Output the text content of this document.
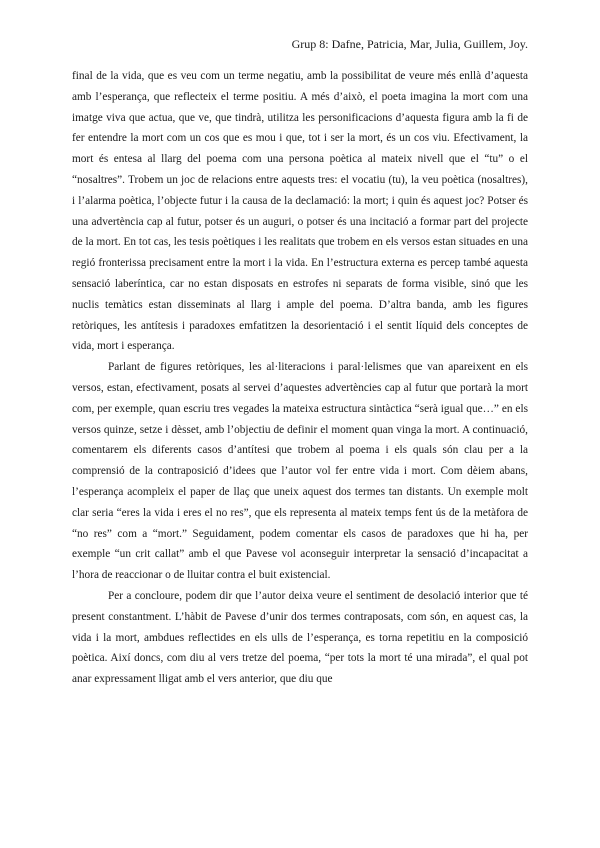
Grup 8: Dafne, Patricia, Mar, Julia, Guillem, Joy.

final de la vida, que es veu com un terme negatiu, amb la possibilitat de veure més enllà d’aquesta amb l’esperança, que reflecteix el terme positiu. A més d’això, el poeta imagina la mort com una imatge viva que actua, que ve, que tindrà, utilitza les personificacions d’aquesta figura amb la fi de fer entendre la mort com un cos que es mou i que, tot i ser la mort, és un cos viu. Efectivament, la mort és entesa al llarg del poema com una persona poètica al mateix nivell que el “tu” o el “nosaltres”. Trobem un joc de relacions entre aquests tres: el vocatiu (tu), la veu poètica (nosaltres), i l’alarma poètica, l’objecte futur i la causa de la declamació: la mort; i quin és aquest joc? Potser és una advertència cap al futur, potser és un auguri, o potser és una incitació a formar part del projecte de la mort. En tot cas, les tesis poètiques i les realitats que trobem en els versos estan situades en una regió fronterissa precisament entre la mort i la vida. En l’estructura externa es percep també aquesta sensació laberíntica, car no estan disposats en estrofes ni separats de forma visible, sinó que les nuclis temàtics estan disseminats al llarg i ample del poema. D’altra banda, amb les figures retòriques, les antítesis i paradoxes emfatitzen la desorientació i el sentit líquid dels conceptes de vida, mort i esperança.

Parlant de figures retòriques, les al·literacions i paral·lelismes que van apareixent en els versos, estan, efectivament, posats al servei d’aquestes advertències cap al futur que portarà la mort com, per exemple, quan escriu tres vegades la mateixa estructura sintàctica “serà igual que…” en els versos quinze, setze i dèsset, amb l’objectiu de definir el moment quan vinga la mort. A continuació, comentarem els diferents casos d’antítesi que trobem al poema i els quals són clau per a la comprensió de la contraposició d’idees que l’autor vol fer entre vida i mort. Com dèiem abans, l’esperança acompleix el paper de llaç que uneix aquest dos termes tan distants. Un exemple molt clar seria “eres la vida i eres el no res”, que els representa al mateix temps fent ús de la metàfora de “no res” com a “mort.” Seguidament, podem comentar els casos de paradoxes que hi ha, per exemple “un crit callat” amb el que Pavese vol aconseguir interpretar la sensació d’incapacitat a l’hora de reaccionar o de lluitar contra el buit existencial.

Per a concloure, podem dir que l’autor deixa veure el sentiment de desolació interior que té present constantment. L’hàbit de Pavese d’unir dos termes contraposats, com són, en aquest cas, la vida i la mort, ambdues reflectides en els ulls de l’esperança, es torna repetitiu en la composició poètica. Així doncs, com diu al vers tretze del poema, “per tots la mort té una mirada”, el qual pot anar expressament lligat amb el vers anterior, que diu que
